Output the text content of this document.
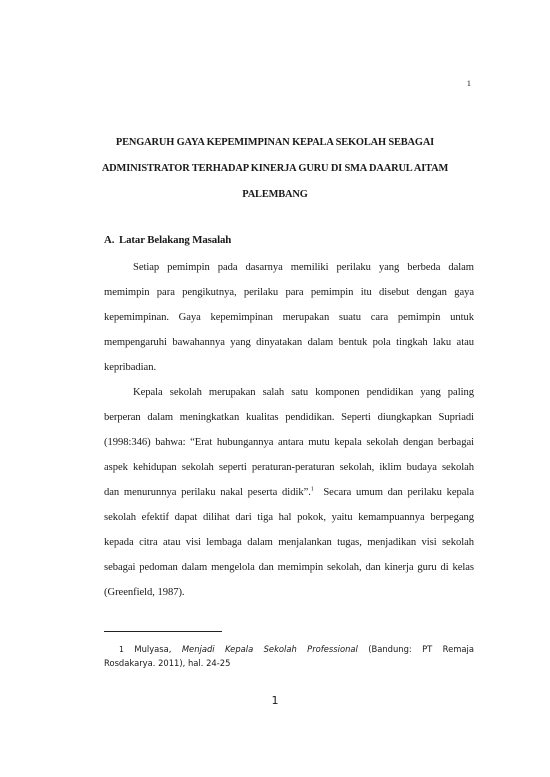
1
PENGARUH GAYA KEPEMIMPINAN KEPALA SEKOLAH SEBAGAI
ADMINISTRATOR TERHADAP KINERJA GURU DI SMA DAARUL AITAM
PALEMBANG
A. Latar Belakang Masalah
Setiap pemimpin pada dasarnya memiliki perilaku yang berbeda dalam
memimpin para pengikutnya, perilaku para pemimpin itu disebut dengan gaya
kepemimpinan. Gaya kepemimpinan merupakan suatu cara pemimpin untuk
mempengaruhi bawahannya yang dinyatakan dalam bentuk pola tingkah laku atau
kepribadian.
Kepala sekolah merupakan salah satu komponen pendidikan yang paling
berperan dalam meningkatkan kualitas pendidikan. Seperti diungkapkan Supriadi
(1998:346) bahwa: “Erat hubungannya antara mutu kepala sekolah dengan berbagai
aspek kehidupan sekolah seperti peraturan-peraturan sekolah, iklim budaya sekolah
dan menurunnya perilaku nakal peserta didik”.$^1$  Secara umum dan perilaku kepala
sekolah efektif dapat dilihat dari tiga hal pokok, yaitu kemampuannya berpegang
kepada citra atau visi lembaga dalam menjalankan tugas, menjadikan visi sekolah
sebagai pedoman dalam mengelola dan memimpin sekolah, dan kinerja guru di kelas
(Greenfield, 1987).
1 Mulyasa, Menjadi Kepala Sekolah Professional (Bandung: PT Remaja
Rosdakarya. 2011), hal. 24-25
1
